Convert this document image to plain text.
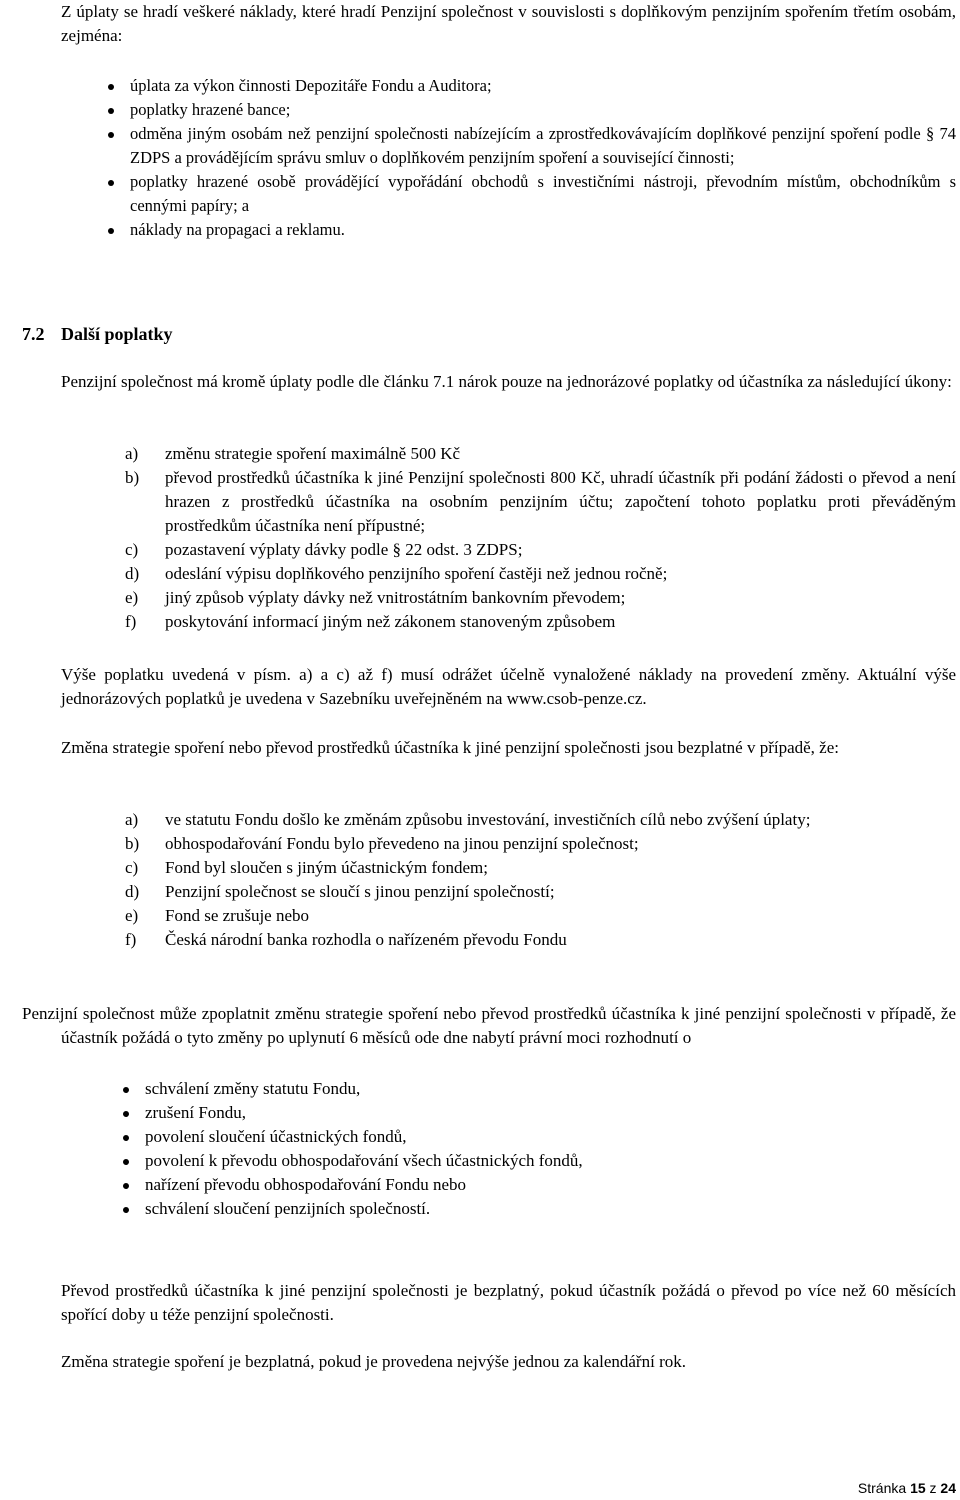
Z úplaty se hradí veškeré náklady, které hradí Penzijní společnost v souvislosti s doplňkovým penzijním spořením třetím osobám, zejména:

úplata za výkon činnosti Depozitáře Fondu a Auditora;
poplatky hrazené bance;
odměna jiným osobám než penzijní společnosti nabízejícím a zprostředkovávajícím doplňkové penzijní spoření podle § 74 ZDPS a provádějícím správu smluv o doplňkovém penzijním spoření a související činnosti;
poplatky hrazené osobě provádějící vypořádání obchodů s investičními nástroji, převodním místům, obchodníkům s cennými papíry; a
náklady na propagaci a reklamu.
7.2 Další poplatky

Penzijní společnost má kromě úplaty podle dle článku 7.1 nárok pouze na jednorázové poplatky od účastníka za následující úkony:

a) změnu strategie spoření maximálně 500 Kč
b) převod prostředků účastníka k jiné Penzijní společnosti 800 Kč, uhradí účastník při podání žádosti o převod a není hrazen z prostředků účastníka na osobním penzijním účtu; započtení tohoto poplatku proti převáděným prostředkům účastníka není přípustné;
c) pozastavení výplaty dávky podle § 22 odst. 3 ZDPS;
d) odeslání výpisu doplňkového penzijního spoření častěji než jednou ročně;
e) jiný způsob výplaty dávky než vnitrostátním bankovním převodem;
f) poskytování informací jiným než zákonem stanoveným způsobem

Výše poplatku uvedená v písm. a) a c) až f) musí odrážet účelně vynaložené náklady na provedení změny. Aktuální výše jednorázových poplatků je uvedena v Sazebníku uveřejněném na www.csob-penze.cz.

Změna strategie spoření nebo převod prostředků účastníka k jiné penzijní společnosti jsou bezplatné v případě, že:

a) ve statutu Fondu došlo ke změnám způsobu investování, investičních cílů nebo zvýšení úplaty;
b) obhospodařování Fondu bylo převedeno na jinou penzijní společnost;
c) Fond byl sloučen s jiným účastnickým fondem;
d) Penzijní společnost se sloučí s jinou penzijní společností;
e) Fond se zrušuje nebo
f) Česká národní banka rozhodla o nařízeném převodu Fondu

Penzijní společnost může zpoplatnit změnu strategie spoření nebo převod prostředků účastníka k jiné penzijní společnosti v případě, že účastník požádá o tyto změny po uplynutí 6 měsíců ode dne nabytí právní moci rozhodnutí o

schválení změny statutu Fondu,
zrušení Fondu,
povolení sloučení účastnických fondů,
povolení k převodu obhospodařování všech účastnických fondů,
nařízení převodu obhospodařování Fondu nebo
schválení sloučení penzijních společností.

Převod prostředků účastníka k jiné penzijní společnosti je bezplatný, pokud účastník požádá o převod po více než 60 měsících spořící doby u téže penzijní společnosti.

Změna strategie spoření je bezplatná, pokud je provedena nejvýše jednou za kalendářní rok.

Stránka 15 z 24
